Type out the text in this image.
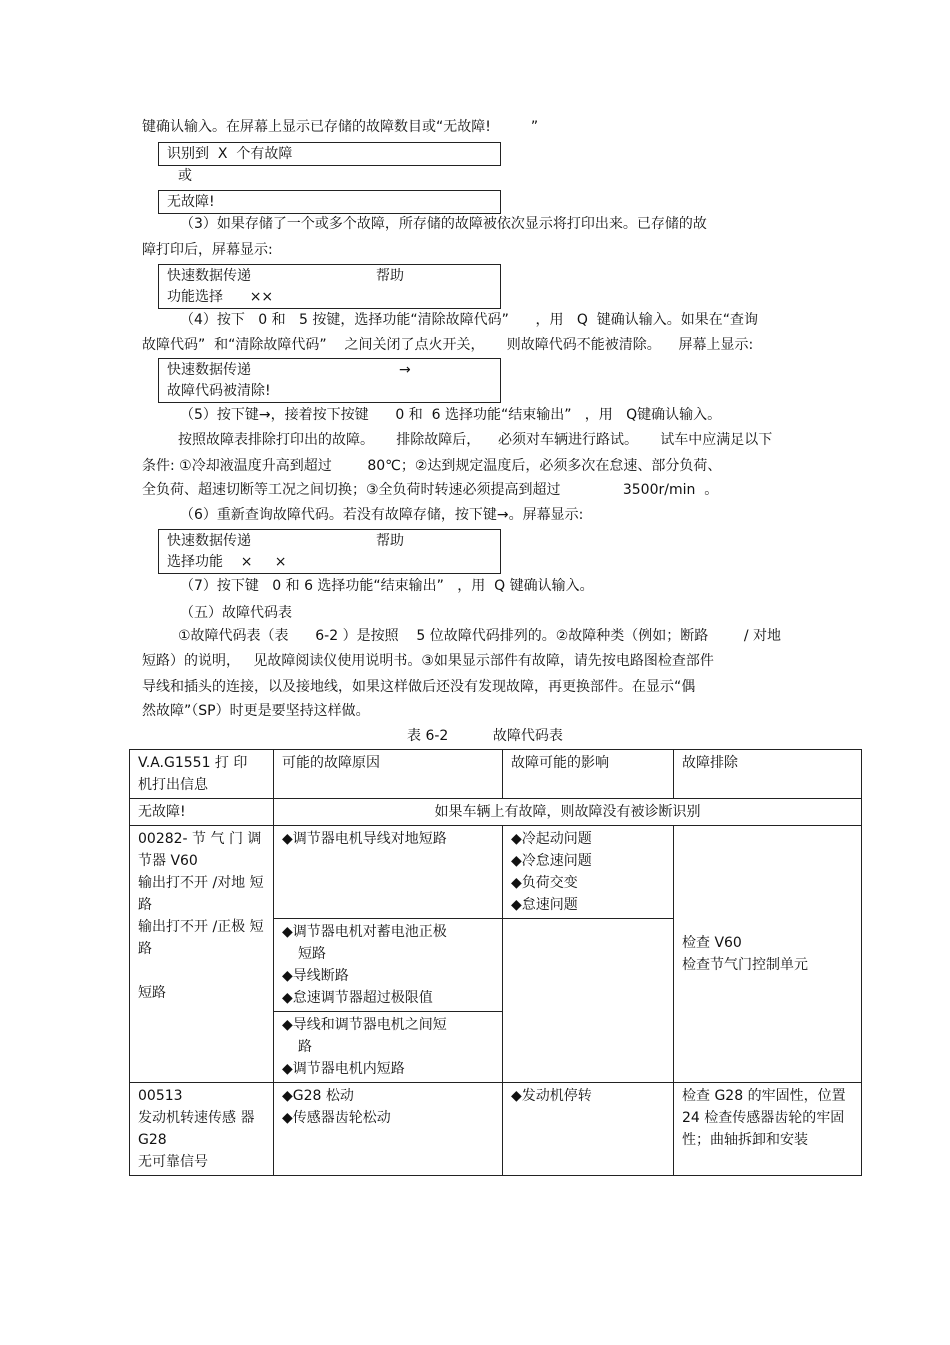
键确认输入。在屏幕上显示已存储的故障数目或“无故障!         ”
识别到  X  个有故障
或
无故障!
（3）如果存储了一个或多个故障，所存储的故障被依次显示将打印出来。已存储的故
障打印后，屏幕显示:
快速数据传递	帮助
功能选择      ××
（4）按下   0 和   5 按键，选择功能“清除故障代码”      ，用   Q  键确认输入。如果在“查询
故障代码”  和“清除故障代码”    之间关闭了点火开关，     则故障代码不能被清除。    屏幕上显示:
快速数据传递	→
故障代码被清除!
（5）按下键→，接着按下按键      0 和  6 选择功能“结束输出”   ，用   Q键确认输入。
按照故障表排除打印出的故障。     排除故障后，    必须对车辆进行路试。     试车中应满足以下
条件: ①冷却液温度升高到超过        80℃；②达到规定温度后，必须多次在怠速、部分负荷、
全负荷、超速切断等工况之间切换；③全负荷时转速必须提高到超过              3500r/min  。
（6）重新查询故障代码。若没有故障存储，按下键→。屏幕显示:
快速数据传递	帮助
选择功能    ×     ×
（7）按下键   0 和 6 选择功能“结束输出”   ，用  Q 键确认输入。
（五）故障代码表
①故障代码表（表      6-2 ）是按照    5 位故障代码排列的。②故障种类（例如；断路        / 对地
短路）的说明，   见故障阅读仪使用说明书。③如果显示部件有故障，请先按电路图检查部件
导线和插头的连接，以及接地线，如果这样做后还没有发现故障，再更换部件。在显示“偶
然故障”（SP）时更是要坚持这样做。
表 6-2          故障代码表
V.A.G1551 打 印 机打出信息	可能的故障原因	故障可能的影响	故障排除
无故障!	如果车辆上有故障，则故障没有被诊断识别		

00282- 节 气 门 调 节器 V60
输出打不开 /对地 短路
输出打不开 /正极 短路
短路	◆调节器电机导线对地短路	◆冷起动问题
◆冷怠速问题
◆负荷交变
◆怠速问题	检查 V60
检查节气门控制单元

	◆调节器电机对蓄电池正极
短路
◆导线断路
◆怠速调节器超过极限值		

	◆导线和调节器电机之间短
路
◆调节器电机内短路		

00513
发动机转速传感 器 G28
无可靠信号	◆G28 松动
◆传感器齿轮松动	◆发动机停转	检查 G28 的牢固性，位置 24 检查传感器齿轮的牢固性；曲轴拆卸和安装
